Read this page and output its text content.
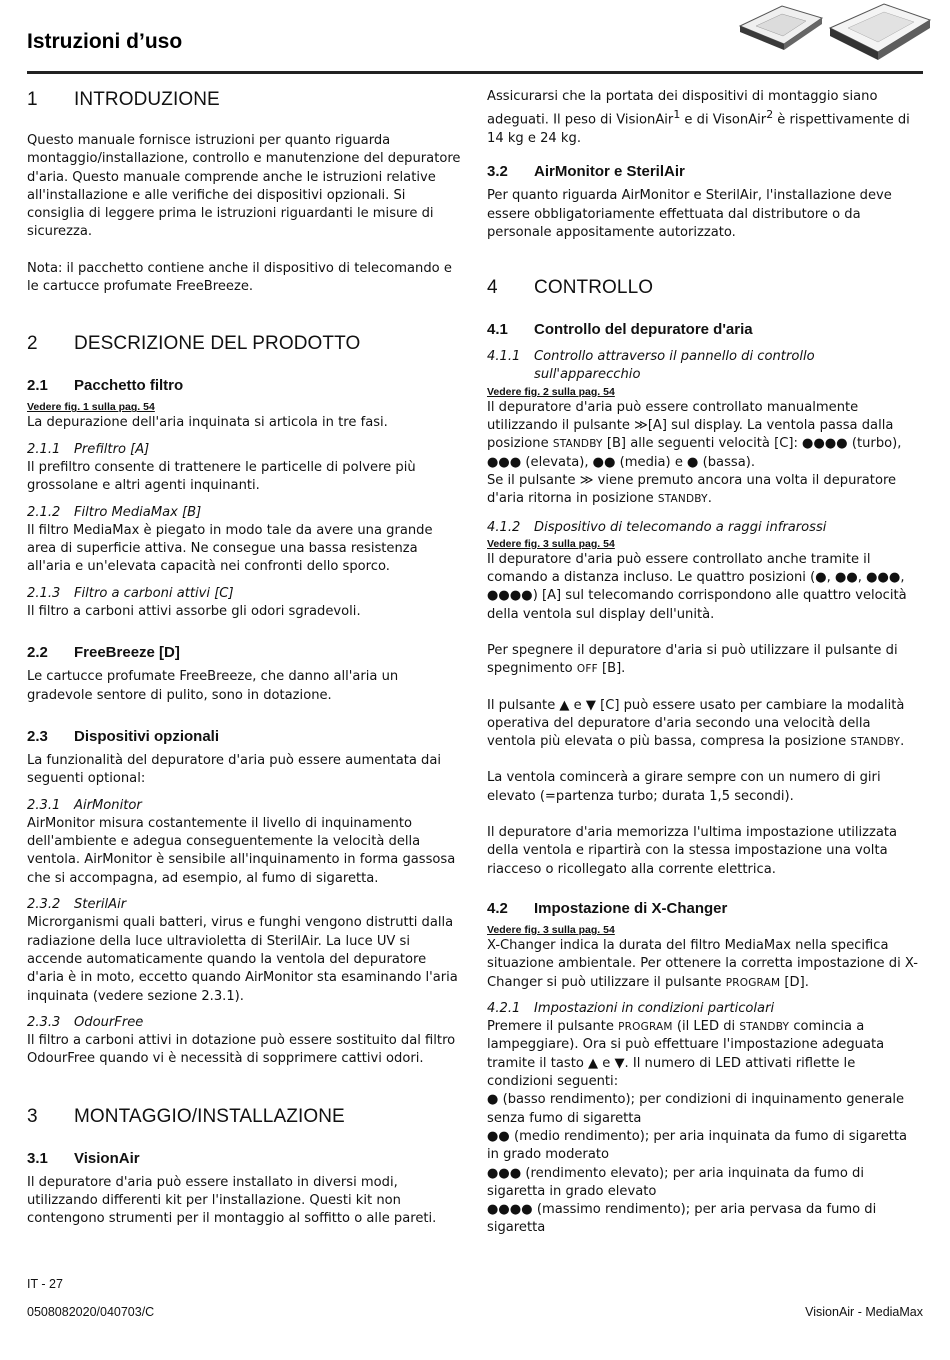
Istruzioni d’uso
1 INTRODUZIONE

Questo manuale fornisce istruzioni per quanto riguarda montaggio/installazione, controllo e manutenzione del depuratore d'aria. Questo manuale comprende anche le istruzioni relative all'installazione e alle verifiche dei dispositivi opzionali. Si consiglia di leggere prima le istruzioni riguardanti le misure di sicurezza.

Nota: il pacchetto contiene anche il dispositivo di telecomando e le cartucce profumate FreeBreeze.

2 DESCRIZIONE DEL PRODOTTO
2.1 Pacchetto filtro
Vedere fig. 1 sulla pag. 54

La depurazione dell'aria inquinata si articola in tre fasi.

2.1.1 Prefiltro [A]

Il prefiltro consente di trattenere le particelle di polvere più grossolane e altri agenti inquinanti.

2.1.2 Filtro MediaMax [B]

Il filtro MediaMax è piegato in modo tale da avere una grande area di superficie attiva. Ne consegue una bassa resistenza all'aria e un'elevata capacità nei confronti dello sporco.

2.1.3 Filtro a carboni attivi [C]

Il filtro a carboni attivi assorbe gli odori sgradevoli.

2.2 FreeBreeze [D]

Le cartucce profumate FreeBreeze, che danno all'aria un gradevole sentore di pulito, sono in dotazione.

2.3 Dispositivi opzionali

La funzionalità del depuratore d'aria può essere aumentata dai seguenti optional:

2.3.1 AirMonitor

AirMonitor misura costantemente il livello di inquinamento dell'ambiente e adegua conseguentemente la velocità della ventola. AirMonitor è sensibile all'inquinamento in forma gassosa che si accompagna, ad esempio, al fumo di sigaretta.

2.3.2 SterilAir

Microrganismi quali batteri, virus e funghi vengono distrutti dalla radiazione della luce ultravioletta di SterilAir. La luce UV si accende automaticamente quando la ventola del depuratore d'aria è in moto, eccetto quando AirMonitor sta esaminando l'aria inquinata (vedere sezione 2.3.1).

2.3.3 OdourFree

Il filtro a carboni attivi in dotazione può essere sostituito dal filtro OdourFree quando vi è necessità di sopprimere cattivi odori.

3 MONTAGGIO/INSTALLAZIONE
3.1 VisionAir

Il depuratore d'aria può essere installato in diversi modi, utilizzando differenti kit per l'installazione. Questi kit non contengono strumenti per il montaggio al soffitto o alle pareti.

Assicurarsi che la portata dei dispositivi di montaggio siano adeguati. Il peso di VisionAir$^1$ e di VisonAir$^2$ è rispettivamente di 14 kg e 24 kg.

3.2 AirMonitor e SterilAir

Per quanto riguarda AirMonitor e SterilAir, l'installazione deve essere obbligatoriamente effettuata dal distributore o da personale appositamente autorizzato.

4 CONTROLLO
4.1 Controllo del depuratore d'aria
4.1.1 Controllo attraverso il pannello di controllo
sull'apparecchio
Vedere fig. 2 sulla pag. 54

Il depuratore d'aria può essere controllato manualmente utilizzando il pulsante ≫[A] sul display. La ventola passa dalla posizione STANDBY [B] alle seguenti velocità [C]: ●●●● (turbo), ●●● (elevata), ●● (media) e ● (bassa).
Se il pulsante ≫ viene premuto ancora una volta il depuratore d'aria ritorna in posizione STANDBY.

4.1.2 Dispositivo di telecomando a raggi infrarossi
Vedere fig. 3 sulla pag. 54

Il depuratore d'aria può essere controllato anche tramite il comando a distanza incluso. Le quattro posizioni (●, ●●, ●●●, ●●●●) [A] sul telecomando corrispondono alle quattro velocità della ventola sul display dell'unità.

Per spegnere il depuratore d'aria si può utilizzare il pulsante di spegnimento OFF [B].

Il pulsante ▲ e ▼ [C] può essere usato per cambiare la modalità operativa del depuratore d'aria secondo una velocità della ventola più elevata o più bassa, compresa la posizione STANDBY.

La ventola comincerà a girare sempre con un numero di giri elevato (=partenza turbo; durata 1,5 secondi).

Il depuratore d'aria memorizza l'ultima impostazione utilizzata della ventola e ripartirà con la stessa impostazione una volta riacceso o ricollegato alla corrente elettrica.

4.2 Impostazione di X-Changer
Vedere fig. 3 sulla pag. 54

X-Changer indica la durata del filtro MediaMax nella specifica situazione ambientale. Per ottenere la corretta impostazione di X-Changer si può utilizzare il pulsante PROGRAM [D].

4.2.1 Impostazioni in condizioni particolari

Premere il pulsante PROGRAM (il LED di STANDBY comincia a lampeggiare). Ora si può effettuare l'impostazione adeguata tramite il tasto ▲ e ▼. Il numero di LED attivati riflette le condizioni seguenti:
● (basso rendimento); per condizioni di inquinamento generale senza fumo di sigaretta
●● (medio rendimento); per aria inquinata da fumo di sigaretta in grado moderato
●●● (rendimento elevato); per aria inquinata da fumo di sigaretta in grado elevato
●●●● (massimo rendimento); per aria pervasa da fumo di sigaretta

IT - 27
0508082020/040703/C	VisionAir - MediaMax
